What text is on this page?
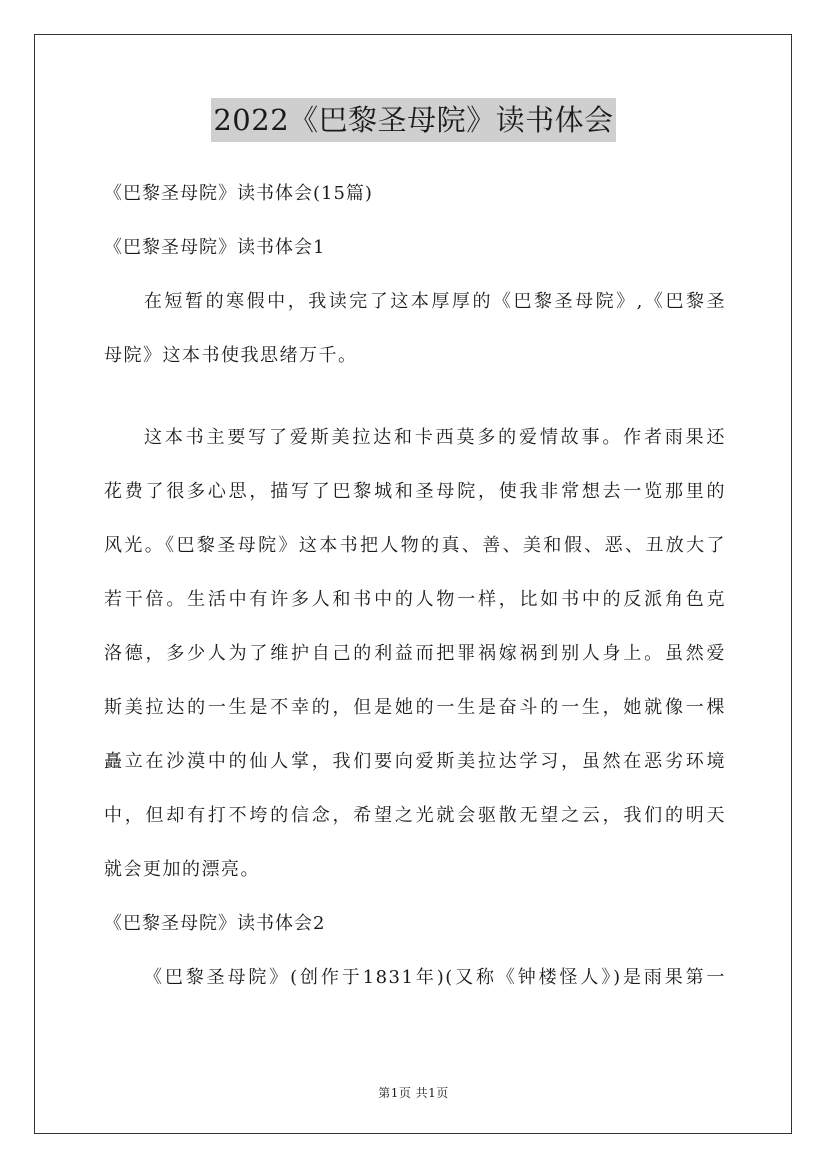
2022《巴黎圣母院》读书体会
《巴黎圣母院》读书体会(15篇)
《巴黎圣母院》读书体会1
在短暂的寒假中，我读完了这本厚厚的《巴黎圣母院》,《巴黎圣
母院》这本书使我思绪万千。
这本书主要写了爱斯美拉达和卡西莫多的爱情故事。作者雨果还
花费了很多心思，描写了巴黎城和圣母院，使我非常想去一览那里的
风光。《巴黎圣母院》这本书把人物的真、善、美和假、恶、丑放大了
若干倍。生活中有许多人和书中的人物一样，比如书中的反派角色克
洛德，多少人为了维护自己的利益而把罪祸嫁祸到别人身上。虽然爱
斯美拉达的一生是不幸的，但是她的一生是奋斗的一生，她就像一棵
矗立在沙漠中的仙人掌，我们要向爱斯美拉达学习，虽然在恶劣环境
中，但却有打不垮的信念，希望之光就会驱散无望之云，我们的明天
就会更加的漂亮。
《巴黎圣母院》读书体会2
《巴黎圣母院》(创作于1831年)(又称《钟楼怪人》)是雨果第一
第1页 共1页
